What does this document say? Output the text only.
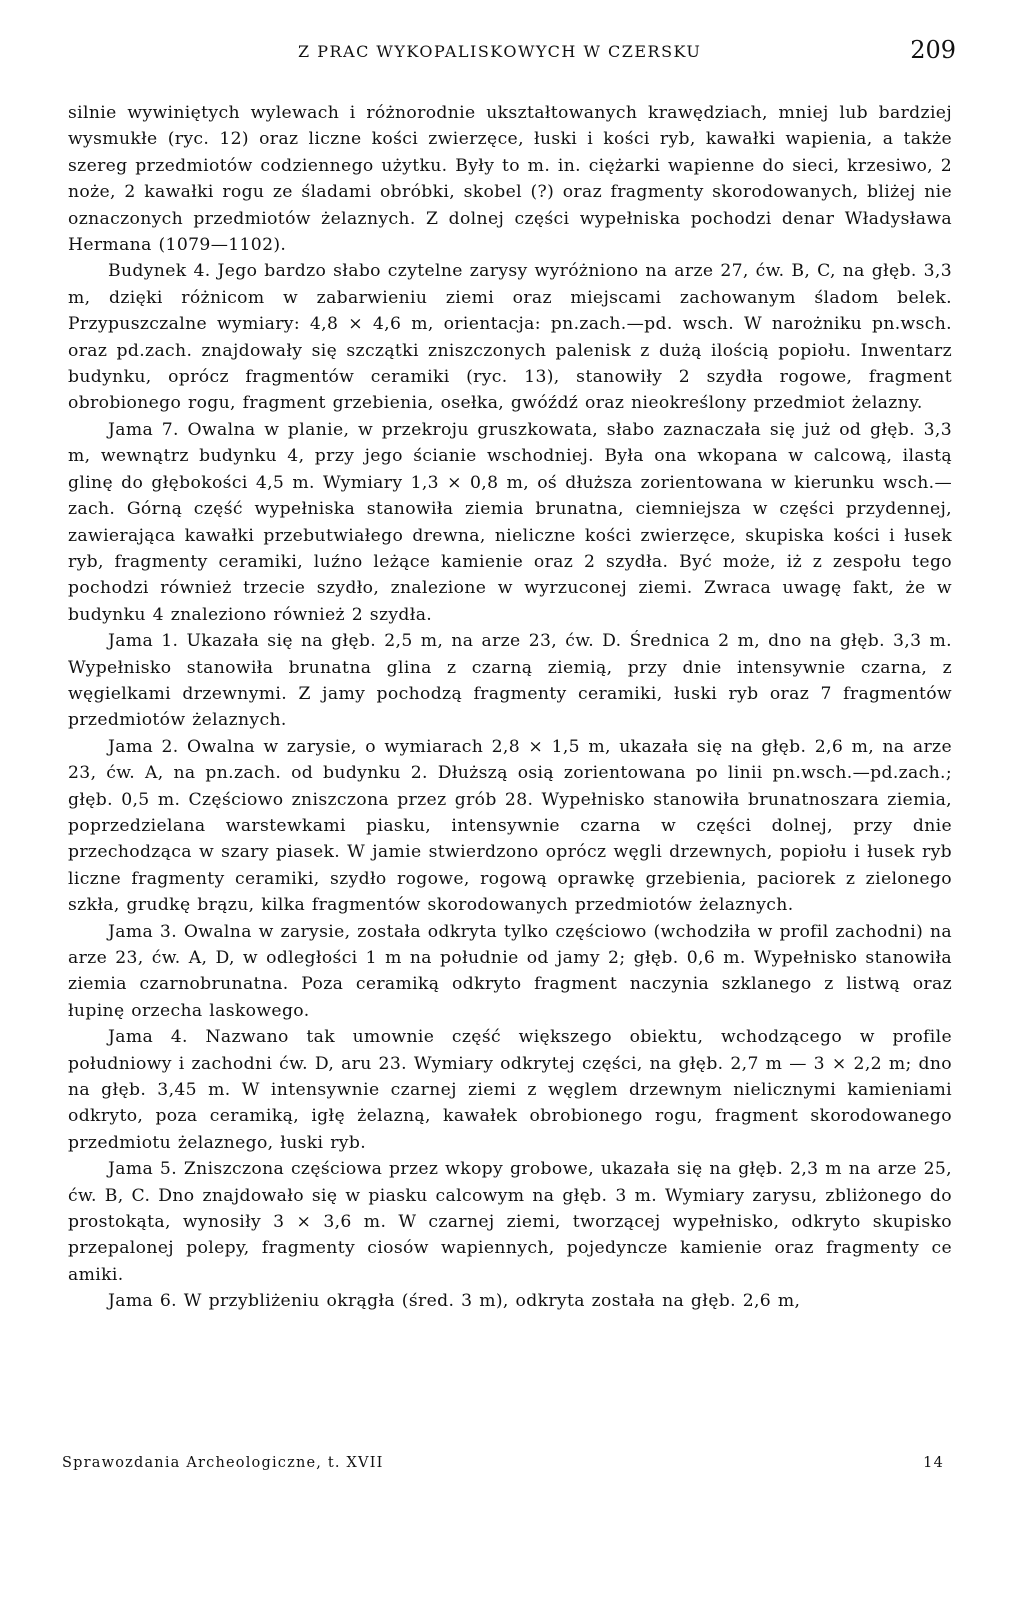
Z PRAC WYKOPALISKOWYCH W CZERSKU	209

silnie wywiniętych wylewach i różnorodnie ukształtowanych krawędziach, mniej lub bardziej wysmukłe (ryc. 12) oraz liczne kości zwierzęce, łuski i kości ryb, kawałki wapienia, a także szereg przedmiotów codziennego użytku. Były to m. in. ciężarki wapienne do sieci, krzesiwo, 2 noże, 2 kawałki rogu ze śladami obróbki, skobel (?) oraz fragmenty skorodowanych, bliżej nie oznaczonych przedmiotów żelaznych. Z dolnej części wypełniska pochodzi denar Władysława Hermana (1079—1102).

Budynek 4. Jego bardzo słabo czytelne zarysy wyróżniono na arze 27, ćw. B, C, na głęb. 3,3 m, dzięki różnicom w zabarwieniu ziemi oraz miejscami zachowanym śladom belek. Przypuszczalne wymiary: 4,8 × 4,6 m, orientacja: pn.zach.—pd. wsch. W narożniku pn.wsch. oraz pd.zach. znajdowały się szczątki zniszczonych palenisk z dużą ilością popiołu. Inwentarz budynku, oprócz fragmentów ceramiki (ryc. 13), stanowiły 2 szydła rogowe, fragment obrobionego rogu, fragment grzebienia, osełka, gwóźdź oraz nieokreślony przedmiot żelazny.

Jama 7. Owalna w planie, w przekroju gruszkowata, słabo zaznaczała się już od głęb. 3,3 m, wewnątrz budynku 4, przy jego ścianie wschodniej. Była ona wkopana w calcową, ilastą glinę do głębokości 4,5 m. Wymiary 1,3 × 0,8 m, oś dłuższa zorientowana w kierunku wsch.—zach. Górną część wypełniska stanowiła ziemia brunatna, ciemniejsza w części przydennej, zawierająca kawałki przebutwiałego drewna, nieliczne kości zwierzęce, skupiska kości i łusek ryb, fragmenty ceramiki, luźno leżące kamienie oraz 2 szydła. Być może, iż z zespołu tego pochodzi również trzecie szydło, znalezione w wyrzuconej ziemi. Zwraca uwagę fakt, że w budynku 4 znaleziono również 2 szydła.

Jama 1. Ukazała się na głęb. 2,5 m, na arze 23, ćw. D. Średnica 2 m, dno na głęb. 3,3 m. Wypełnisko stanowiła brunatna glina z czarną ziemią, przy dnie intensywnie czarna, z węgielkami drzewnymi. Z jamy pochodzą fragmenty ceramiki, łuski ryb oraz 7 fragmentów przedmiotów żelaznych.

Jama 2. Owalna w zarysie, o wymiarach 2,8 × 1,5 m, ukazała się na głęb. 2,6 m, na arze 23, ćw. A, na pn.zach. od budynku 2. Dłuższą osią zorientowana po linii pn.wsch.—pd.zach.; głęb. 0,5 m. Częściowo zniszczona przez grób 28. Wypełnisko stanowiła brunatnoszara ziemia, poprzedzielana warstewkami piasku, intensywnie czarna w części dolnej, przy dnie przechodząca w szary piasek. W jamie stwierdzono oprócz węgli drzewnych, popiołu i łusek ryb liczne fragmenty ceramiki, szydło rogowe, rogową oprawkę grzebienia, paciorek z zielonego szkła, grudkę brązu, kilka fragmentów skorodowanych przedmiotów żelaznych.

Jama 3. Owalna w zarysie, została odkryta tylko częściowo (wchodziła w profil zachodni) na arze 23, ćw. A, D, w odległości 1 m na południe od jamy 2; głęb. 0,6 m. Wypełnisko stanowiła ziemia czarnobrunatna. Poza ceramiką odkryto fragment naczynia szklanego z listwą oraz łupinę orzecha laskowego.

Jama 4. Nazwano tak umownie część większego obiektu, wchodzącego w profile południowy i zachodni ćw. D, aru 23. Wymiary odkrytej części, na głęb. 2,7 m — 3 × 2,2 m; dno na głęb. 3,45 m. W intensywnie czarnej ziemi z węglem drzewnym nielicznymi kamieniami odkryto, poza ceramiką, igłę żelazną, kawałek obrobionego rogu, fragment skorodowanego przedmiotu żelaznego, łuski ryb.

Jama 5. Zniszczona częściowa przez wkopy grobowe, ukazała się na głęb. 2,3 m na arze 25, ćw. B, C. Dno znajdowało się w piasku calcowym na głęb. 3 m. Wymiary zarysu, zbliżonego do prostokąta, wynosiły 3 × 3,6 m. W czarnej ziemi, tworzącej wypełnisko, odkryto skupisko przepalonej polepy, fragmenty ciosów wapiennych, pojedyncze kamienie oraz fragmenty ce amiki.

Jama 6. W przybliżeniu okrągła (śred. 3 m), odkryta została na głęb. 2,6 m,

Sprawozdania Archeologiczne, t. XVII	14
